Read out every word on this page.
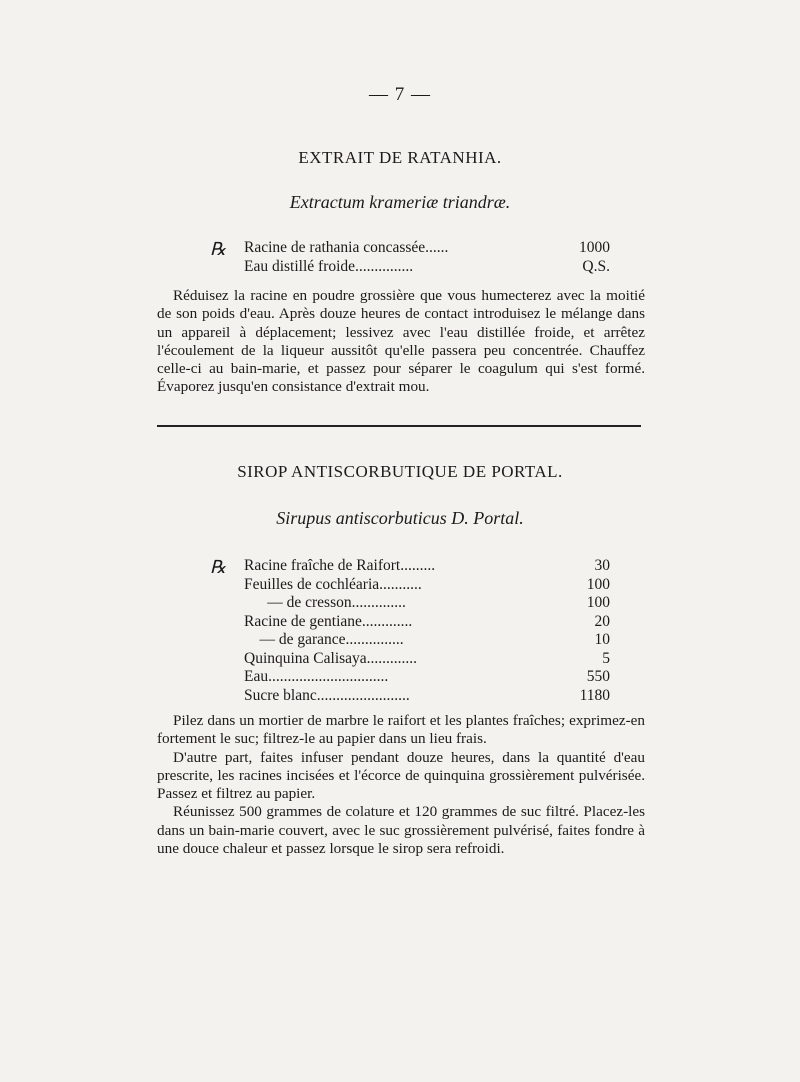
— 7 —
EXTRAIT DE RATANHIA.
Extractum krameriæ triandræ.
℞ Racine de rathania concassée......	1000
Eau distillé froide...............	Q.S.

Réduisez la racine en poudre grossière que vous humecterez avec la moitié de son poids d'eau. Après douze heures de contact introduisez le mélange dans un appareil à déplacement; lessivez avec l'eau distillée froide, et arrêtez l'écoulement de la liqueur aussitôt qu'elle passera peu concentrée. Chauffez celle-ci au bain-marie, et passez pour séparer le coagulum qui s'est formé. Évaporez jusqu'en consistance d'extrait mou.

SIROP ANTISCORBUTIQUE DE PORTAL.
Sirupus antiscorbuticus D. Portal.
℞ Racine fraîche de Raifort.........	30
Feuilles de cochléaria...........	100
— de cresson..............	100
Racine de gentiane.............	20
— de garance...............	10
Quinquina Calisaya.............	5
Eau...............................	550
Sucre blanc........................	1180

Pilez dans un mortier de marbre le raifort et les plantes fraîches; exprimez-en fortement le suc; filtrez-le au papier dans un lieu frais.

D'autre part, faites infuser pendant douze heures, dans la quantité d'eau prescrite, les racines incisées et l'écorce de quinquina grossièrement pulvérisée. Passez et filtrez au papier.

Réunissez 500 grammes de colature et 120 grammes de suc filtré. Placez-les dans un bain-marie couvert, avec le suc grossièrement pulvérisé, faites fondre à une douce chaleur et passez lorsque le sirop sera refroidi.
